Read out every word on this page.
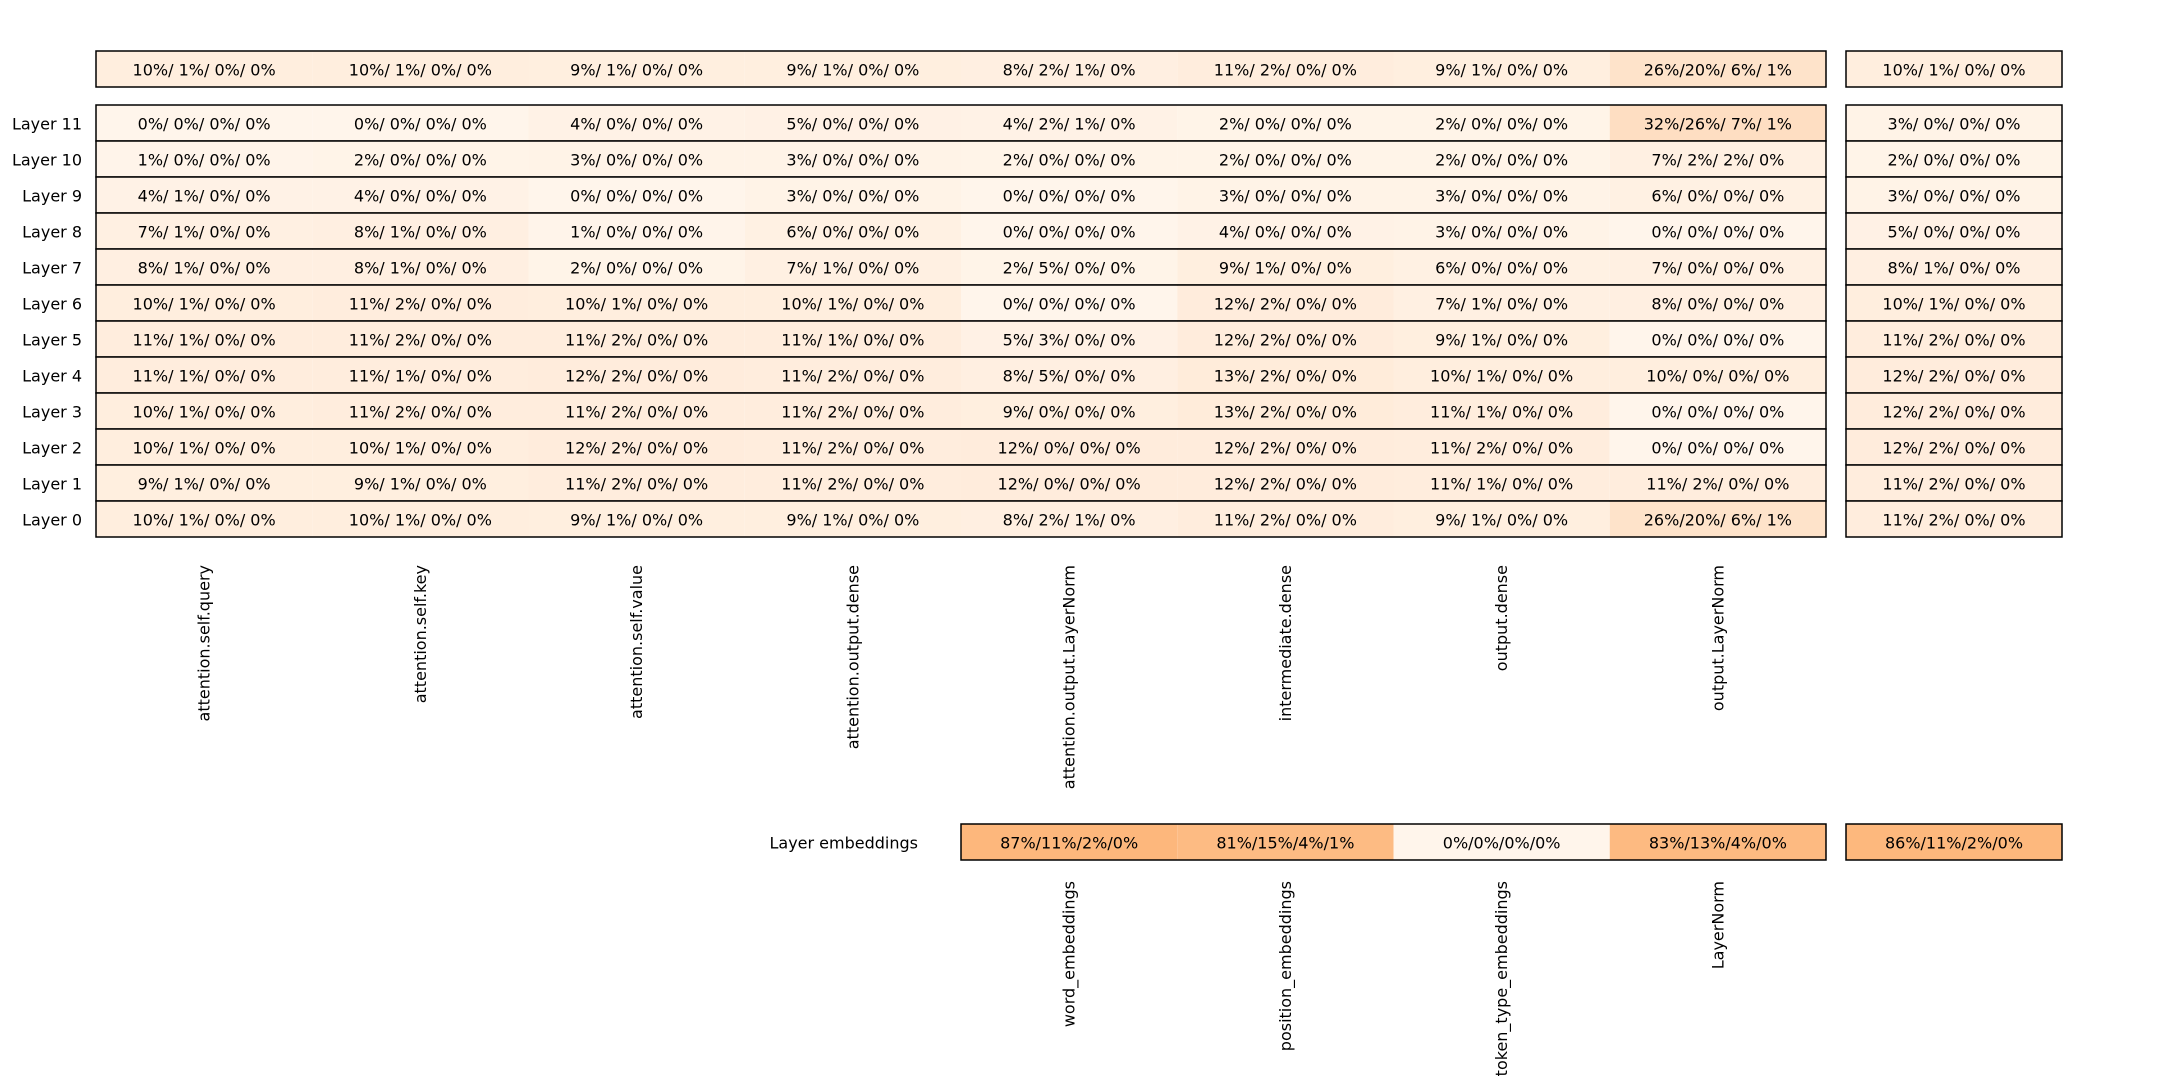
10%/ 1%/ 0%/ 0%	10%/ 1%/ 0%/ 0%	9%/ 1%/ 0%/ 0%	9%/ 1%/ 0%/ 0%	8%/ 2%/ 1%/ 0%	11%/ 2%/ 0%/ 0%	9%/ 1%/ 0%/ 0%	26%/20%/ 6%/ 1%	10%/ 1%/ 0%/ 0%
0%/ 0%/ 0%/ 0%	0%/ 0%/ 0%/ 0%	4%/ 0%/ 0%/ 0%	5%/ 0%/ 0%/ 0%	4%/ 2%/ 1%/ 0%	2%/ 0%/ 0%/ 0%	2%/ 0%/ 0%/ 0%	32%/26%/ 7%/ 1%	3%/ 0%/ 0%/ 0%
Layer 11
1%/ 0%/ 0%/ 0%	2%/ 0%/ 0%/ 0%	3%/ 0%/ 0%/ 0%	3%/ 0%/ 0%/ 0%	2%/ 0%/ 0%/ 0%	2%/ 0%/ 0%/ 0%	2%/ 0%/ 0%/ 0%	7%/ 2%/ 2%/ 0%	2%/ 0%/ 0%/ 0%
Layer 10
4%/ 1%/ 0%/ 0%	4%/ 0%/ 0%/ 0%	0%/ 0%/ 0%/ 0%	3%/ 0%/ 0%/ 0%	0%/ 0%/ 0%/ 0%	3%/ 0%/ 0%/ 0%	3%/ 0%/ 0%/ 0%	6%/ 0%/ 0%/ 0%	3%/ 0%/ 0%/ 0%
Layer 9
7%/ 1%/ 0%/ 0%	8%/ 1%/ 0%/ 0%	1%/ 0%/ 0%/ 0%	6%/ 0%/ 0%/ 0%	0%/ 0%/ 0%/ 0%	4%/ 0%/ 0%/ 0%	3%/ 0%/ 0%/ 0%	0%/ 0%/ 0%/ 0%	5%/ 0%/ 0%/ 0%
Layer 8
8%/ 1%/ 0%/ 0%	8%/ 1%/ 0%/ 0%	2%/ 0%/ 0%/ 0%	7%/ 1%/ 0%/ 0%	2%/ 5%/ 0%/ 0%	9%/ 1%/ 0%/ 0%	6%/ 0%/ 0%/ 0%	7%/ 0%/ 0%/ 0%	8%/ 1%/ 0%/ 0%
Layer 7
10%/ 1%/ 0%/ 0%	11%/ 2%/ 0%/ 0%	10%/ 1%/ 0%/ 0%	10%/ 1%/ 0%/ 0%	0%/ 0%/ 0%/ 0%	12%/ 2%/ 0%/ 0%	7%/ 1%/ 0%/ 0%	8%/ 0%/ 0%/ 0%	10%/ 1%/ 0%/ 0%
Layer 6
11%/ 1%/ 0%/ 0%	11%/ 2%/ 0%/ 0%	11%/ 2%/ 0%/ 0%	11%/ 1%/ 0%/ 0%	5%/ 3%/ 0%/ 0%	12%/ 2%/ 0%/ 0%	9%/ 1%/ 0%/ 0%	0%/ 0%/ 0%/ 0%	11%/ 2%/ 0%/ 0%
Layer 5
11%/ 1%/ 0%/ 0%	11%/ 1%/ 0%/ 0%	12%/ 2%/ 0%/ 0%	11%/ 2%/ 0%/ 0%	8%/ 5%/ 0%/ 0%	13%/ 2%/ 0%/ 0%	10%/ 1%/ 0%/ 0%	10%/ 0%/ 0%/ 0%	12%/ 2%/ 0%/ 0%
Layer 4
10%/ 1%/ 0%/ 0%	11%/ 2%/ 0%/ 0%	11%/ 2%/ 0%/ 0%	11%/ 2%/ 0%/ 0%	9%/ 0%/ 0%/ 0%	13%/ 2%/ 0%/ 0%	11%/ 1%/ 0%/ 0%	0%/ 0%/ 0%/ 0%	12%/ 2%/ 0%/ 0%
Layer 3
10%/ 1%/ 0%/ 0%	10%/ 1%/ 0%/ 0%	12%/ 2%/ 0%/ 0%	11%/ 2%/ 0%/ 0%	12%/ 0%/ 0%/ 0%	12%/ 2%/ 0%/ 0%	11%/ 2%/ 0%/ 0%	0%/ 0%/ 0%/ 0%	12%/ 2%/ 0%/ 0%
Layer 2
9%/ 1%/ 0%/ 0%	9%/ 1%/ 0%/ 0%	11%/ 2%/ 0%/ 0%	11%/ 2%/ 0%/ 0%	12%/ 0%/ 0%/ 0%	12%/ 2%/ 0%/ 0%	11%/ 1%/ 0%/ 0%	11%/ 2%/ 0%/ 0%	11%/ 2%/ 0%/ 0%
Layer 1
10%/ 1%/ 0%/ 0%	10%/ 1%/ 0%/ 0%	9%/ 1%/ 0%/ 0%	9%/ 1%/ 0%/ 0%	8%/ 2%/ 1%/ 0%	11%/ 2%/ 0%/ 0%	9%/ 1%/ 0%/ 0%	26%/20%/ 6%/ 1%	11%/ 2%/ 0%/ 0%
Layer 0
attention.self.query	attention.self.key	attention.self.value	attention.output.dense	attention.output.LayerNorm	intermediate.dense	output.dense	output.LayerNorm
87%/11%/2%/0%	81%/15%/4%/1%	0%/0%/0%/0%	83%/13%/4%/0%	86%/11%/2%/0%
Layer embeddings
word_embeddings	position_embeddings	token_type_embeddings	LayerNorm
